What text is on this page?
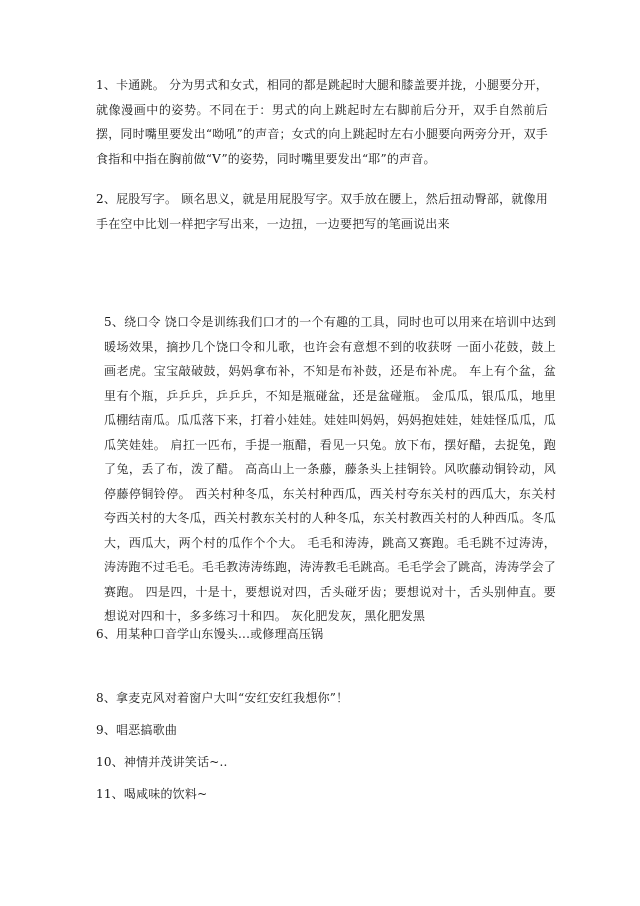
1、卡通跳。 分为男式和女式，相同的都是跳起时大腿和膝盖要并拢，小腿要分开，就像漫画中的姿势。不同在于：男式的向上跳起时左右脚前后分开，双手自然前后摆，同时嘴里要发出“呦吼”的声音；女式的向上跳起时左右小腿要向两旁分开，双手食指和中指在胸前做“V”的姿势，同时嘴里要发出“耶”的声音。

2、屁股写字。 顾名思义，就是用屁股写字。双手放在腰上，然后扭动臀部，就像用手在空中比划一样把字写出来，一边扭，一边要把写的笔画说出来

5、绕口令 饶口令是训练我们口才的一个有趣的工具，同时也可以用来在培训中达到暖场效果，摘抄几个饶口令和儿歌，也许会有意想不到的收获呀 一面小花鼓，鼓上画老虎。宝宝敲破鼓，妈妈拿布补，不知是布补鼓，还是布补虎。 车上有个盆，盆里有个瓶，乒乒乒，乒乒乒，不知是瓶碰盆，还是盆碰瓶。 金瓜瓜，银瓜瓜，地里瓜棚结南瓜。瓜瓜落下来，打着小娃娃。娃娃叫妈妈，妈妈抱娃娃，娃娃怪瓜瓜，瓜瓜笑娃娃。 肩扛一匹布，手提一瓶醋，看见一只兔。放下布，摆好醋，去捉兔，跑了兔，丢了布，泼了醋。 高高山上一条藤，藤条头上挂铜铃。风吹藤动铜铃动，风停藤停铜铃停。 西关村种冬瓜，东关村种西瓜，西关村夸东关村的西瓜大，东关村夸西关村的大冬瓜，西关村教东关村的人种冬瓜，东关村教西关村的人种西瓜。冬瓜大，西瓜大，两个村的瓜作个个大。 毛毛和涛涛，跳高又赛跑。毛毛跳不过涛涛，涛涛跑不过毛毛。毛毛教涛涛练跑，涛涛教毛毛跳高。毛毛学会了跳高，涛涛学会了赛跑。 四是四，十是十，要想说对四，舌头碰牙齿；要想说对十，舌头别伸直。要想说对四和十，多多练习十和四。 灰化肥发灰，黑化肥发黑

6、用某种口音学山东馒头...或修理高压锅

8、拿麦克风对着窗户大叫“安红安红我想你”！

9、唱恶搞歌曲

10、神情并茂讲笑话~..

11、喝咸味的饮料~
